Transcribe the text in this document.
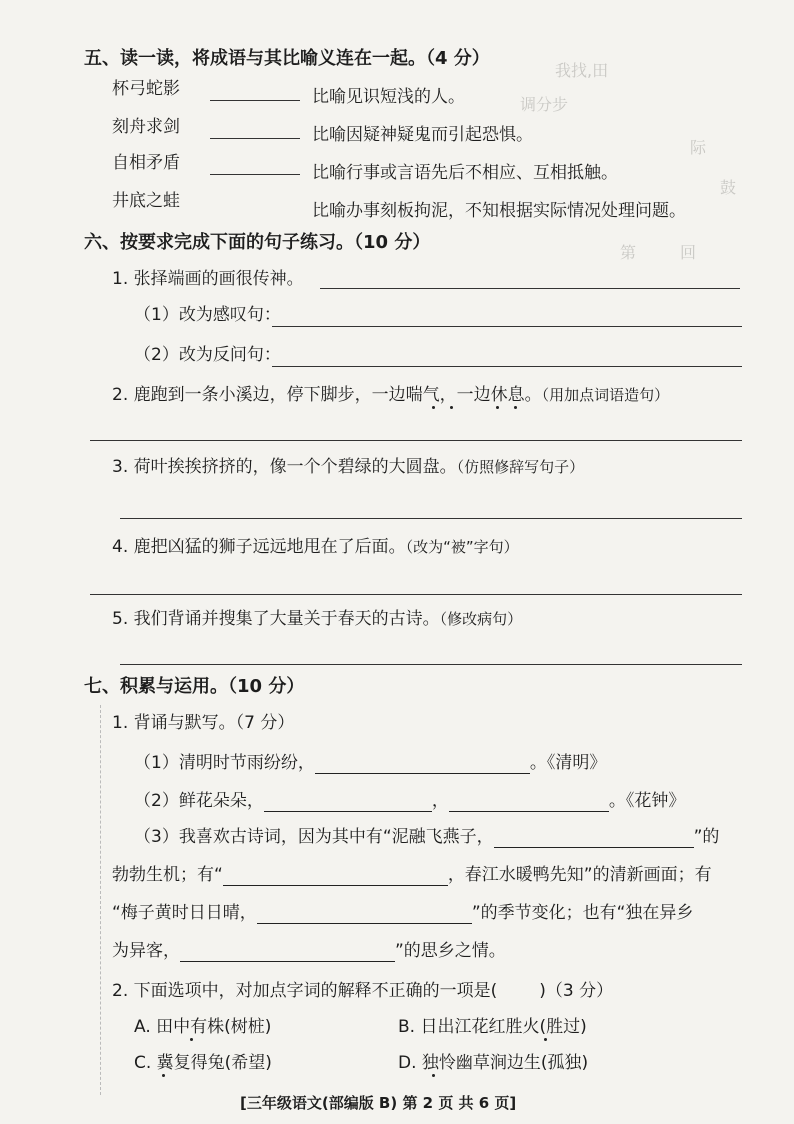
我找,田
调分步
际
鼓
第	回
五、读一读，将成语与其比喻义连在一起。（4 分）
杯弓蛇影
刻舟求剑
自相矛盾
井底之蛙
比喻见识短浅的人。
比喻因疑神疑鬼而引起恐惧。
比喻行事或言语先后不相应、互相抵触。
比喻办事刻板拘泥，不知根据实际情况处理问题。
六、按要求完成下面的句子练习。（10 分）
1. 张择端画的画很传神。
（1）改为感叹句：
（2）改为反问句：
2. 鹿跑到一条小溪边，停下脚步，一边喘气，一边休息。（用加点词语造句）
3. 荷叶挨挨挤挤的，像一个个碧绿的大圆盘。（仿照修辞写句子）
4. 鹿把凶猛的狮子远远地甩在了后面。（改为“被”字句）
5. 我们背诵并搜集了大量关于春天的古诗。（修改病句）
七、积累与运用。（10 分）
1. 背诵与默写。（7 分）
（1）清明时节雨纷纷，	。《清明》
（2）鲜花朵朵，	，	。《花钟》
（3）我喜欢古诗词，因为其中有“泥融飞燕子，	”的
勃勃生机；有“	，春江水暖鸭先知”的清新画面；有
“梅子黄时日日晴，	”的季节变化；也有“独在异乡
为异客，	”的思乡之情。
2. 下面选项中，对加点字词的解释不正确的一项是( )（3 分）
A. 田中有株(树桩)	B. 日出江花红胜火(胜过)
C. 冀复得兔(希望)	D. 独怜幽草涧边生(孤独)
[三年级语文(部编版 B) 第 2 页 共 6 页]
